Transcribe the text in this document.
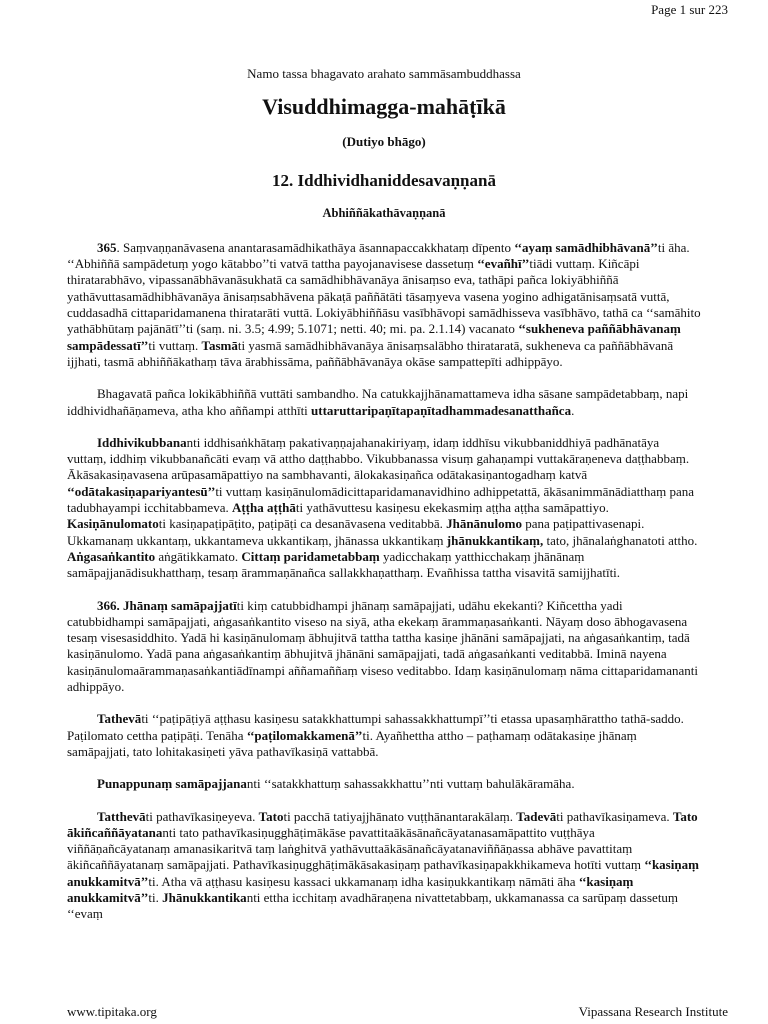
Page 1 sur 223
Namo tassa bhagavato arahato sammāsambuddhassa
Visuddhimagga-mahāṭīkā
(Dutiyo bhāgo)
12. Iddhividhaniddesavaṇṇanā
Abhiññākathāvaṇṇanā

365. Saṃvaṇṇanāvasena anantarasamādhikathāya āsannapaccakkhataṃ dīpento ‘‘ayaṃ samādhibhāvanā’’ti āha. ‘‘Abhiññā sampādetuṃ yogo kātabbo’’ti vatvā tattha payojanavisese dassetuṃ ‘‘evañhī’’tiādi vuttaṃ. Kiñcāpi thiratarabhāvo, vipassanābhāvanāsukhatā ca samādhibhāvanāya ānisaṃso eva, tathāpi pañca lokiyābhiññā yathāvuttasamādhibhāvanāya ānisaṃsabhāvena pākaṭā paññātāti tāsaṃyeva vasena yogino adhigatānisaṃsatā vuttā, cuddasadhā cittaparidamanena thiratarāti vuttā. Lokiyābhiññāsu vasībhāvopi samādhisseva vasībhāvo, tathā ca ‘‘samāhito yathābhūtaṃ pajānātī’’ti (saṃ. ni. 3.5; 4.99; 5.1071; netti. 40; mi. pa. 2.1.14) vacanato ‘‘sukheneva paññābhāvanaṃ sampādessatī’’ti vuttaṃ. Tasmāti yasmā samādhibhāvanāya ānisaṃsalābho thirataratā, sukheneva ca paññābhāvanā ijjhati, tasmā abhiññākathaṃ tāva ārabhissāma, paññābhāvanāya okāse sampattepīti adhippāyo.

Bhagavatā pañca lokikābhiññā vuttāti sambandho. Na catukkajjhānamattameva idha sāsane sampādetabbaṃ, napi iddhividhañāṇameva, atha kho aññampi atthīti uttaruttaripaṇītapaṇītadhammadesanatthañca.

Iddhivikubbananti iddhisaṅkhātaṃ pakativaṇṇajahanakiriyaṃ, idaṃ iddhīsu vikubbaniddhiyā padhānatāya vuttaṃ, iddhiṃ vikubbanañcāti evaṃ vā attho daṭṭhabbo. Vikubbanassa visuṃ gahaṇampi vuttakāraṇeneva daṭṭhabbaṃ. Ākāsakasiṇavasena arūpasamāpattiyo na sambhavanti, ālokakasiṇañca odātakasiṇantogadhaṃ katvā ‘‘odātakasiṇapariyantesū’’ti vuttaṃ kasiṇānulomādicittaparidamanavidhino adhippetattā, ākāsanimmānādiatthaṃ pana tadubhayampi icchitabbameva. Aṭṭha aṭṭhāti yathāvuttesu kasiṇesu ekekasmiṃ aṭṭha aṭṭha samāpattiyo. Kasiṇānulomatoti kasiṇapaṭipāṭito, paṭipāṭi ca desanāvasena veditabbā. Jhānānulomo pana paṭipattivasenapi. Ukkamanaṃ ukkantaṃ, ukkantameva ukkantikaṃ, jhānassa ukkantikaṃ jhānukkantikaṃ, tato, jhānalaṅghanatoti attho. Aṅgasaṅkantito aṅgātikkamato. Cittaṃ paridametabbaṃ yadicchakaṃ yatthicchakaṃ jhānānaṃ samāpajjanādisukhatthaṃ, tesaṃ ārammaṇānañca sallakkhaṇatthaṃ. Evañhissa tattha visavitā samijjhatīti.

366. Jhānaṃ samāpajjatīti kiṃ catubbidhampi jhānaṃ samāpajjati, udāhu ekekanti? Kiñcettha yadi catubbidhampi samāpajjati, aṅgasaṅkantito viseso na siyā, atha ekekaṃ ārammaṇasaṅkanti. Nāyaṃ doso ābhogavasena tesaṃ visesasiddhito. Yadā hi kasiṇānulomaṃ ābhujitvā tattha tattha kasiṇe jhānāni samāpajjati, na aṅgasaṅkantiṃ, tadā kasiṇānulomo. Yadā pana aṅgasaṅkantiṃ ābhujitvā jhānāni samāpajjati, tadā aṅgasaṅkanti veditabbā. Iminā nayena kasiṇānulomaārammaṇasaṅkantiādīnampi aññamaññaṃ viseso veditabbo. Idaṃ kasiṇānulomaṃ nāma cittaparidamananti adhippāyo.

Tathevāti ‘‘paṭipāṭiyā aṭṭhasu kasiṇesu satakkhattumpi sahassakkhattumpī’’ti etassa upasaṃhārattho tathā-saddo. Paṭilomato cettha paṭipāṭi. Tenāha ‘‘paṭilomakkamenā’’ti. Ayañhettha attho – paṭhamaṃ odātakasiṇe jhānaṃ samāpajjati, tato lohitakasiṇeti yāva pathavīkasiṇā vattabbā.

Punappunaṃ samāpajjananti ‘‘satakkhattuṃ sahassakkhattu’’nti vuttaṃ bahulākāramāha.

Tatthevāti pathavīkasiṇeyeva. Tatoti pacchā tatiyajjhānato vuṭṭhānantarakālaṃ. Tadevāti pathavīkasiṇameva. Tato ākiñcaññāyatananti tato pathavīkasiṇugghāṭimākāse pavattitaākāsānañcāyatanasamāpattito vuṭṭhāya viññāṇañcāyatanaṃ amanasikaritvā taṃ laṅghitvā yathāvuttaākāsānañcāyatanaviññāṇassa abhāve pavattitaṃ ākiñcaññāyatanaṃ samāpajjati. Pathavīkasiṇugghāṭimākāsakasiṇaṃ pathavīkasiṇapakkhikameva hotīti vuttaṃ ‘‘kasiṇaṃ anukkamitvā’’ti. Atha vā aṭṭhasu kasiṇesu kassaci ukkamanaṃ idha kasiṇukkantikaṃ nāmāti āha ‘‘kasiṇaṃ anukkamitvā’’ti. Jhānukkantikanti ettha icchitaṃ avadhāraṇena nivattetabbaṃ, ukkamanassa ca sarūpaṃ dassetuṃ ‘‘evaṃ

www.tipitaka.org	Vipassana Research Institute
